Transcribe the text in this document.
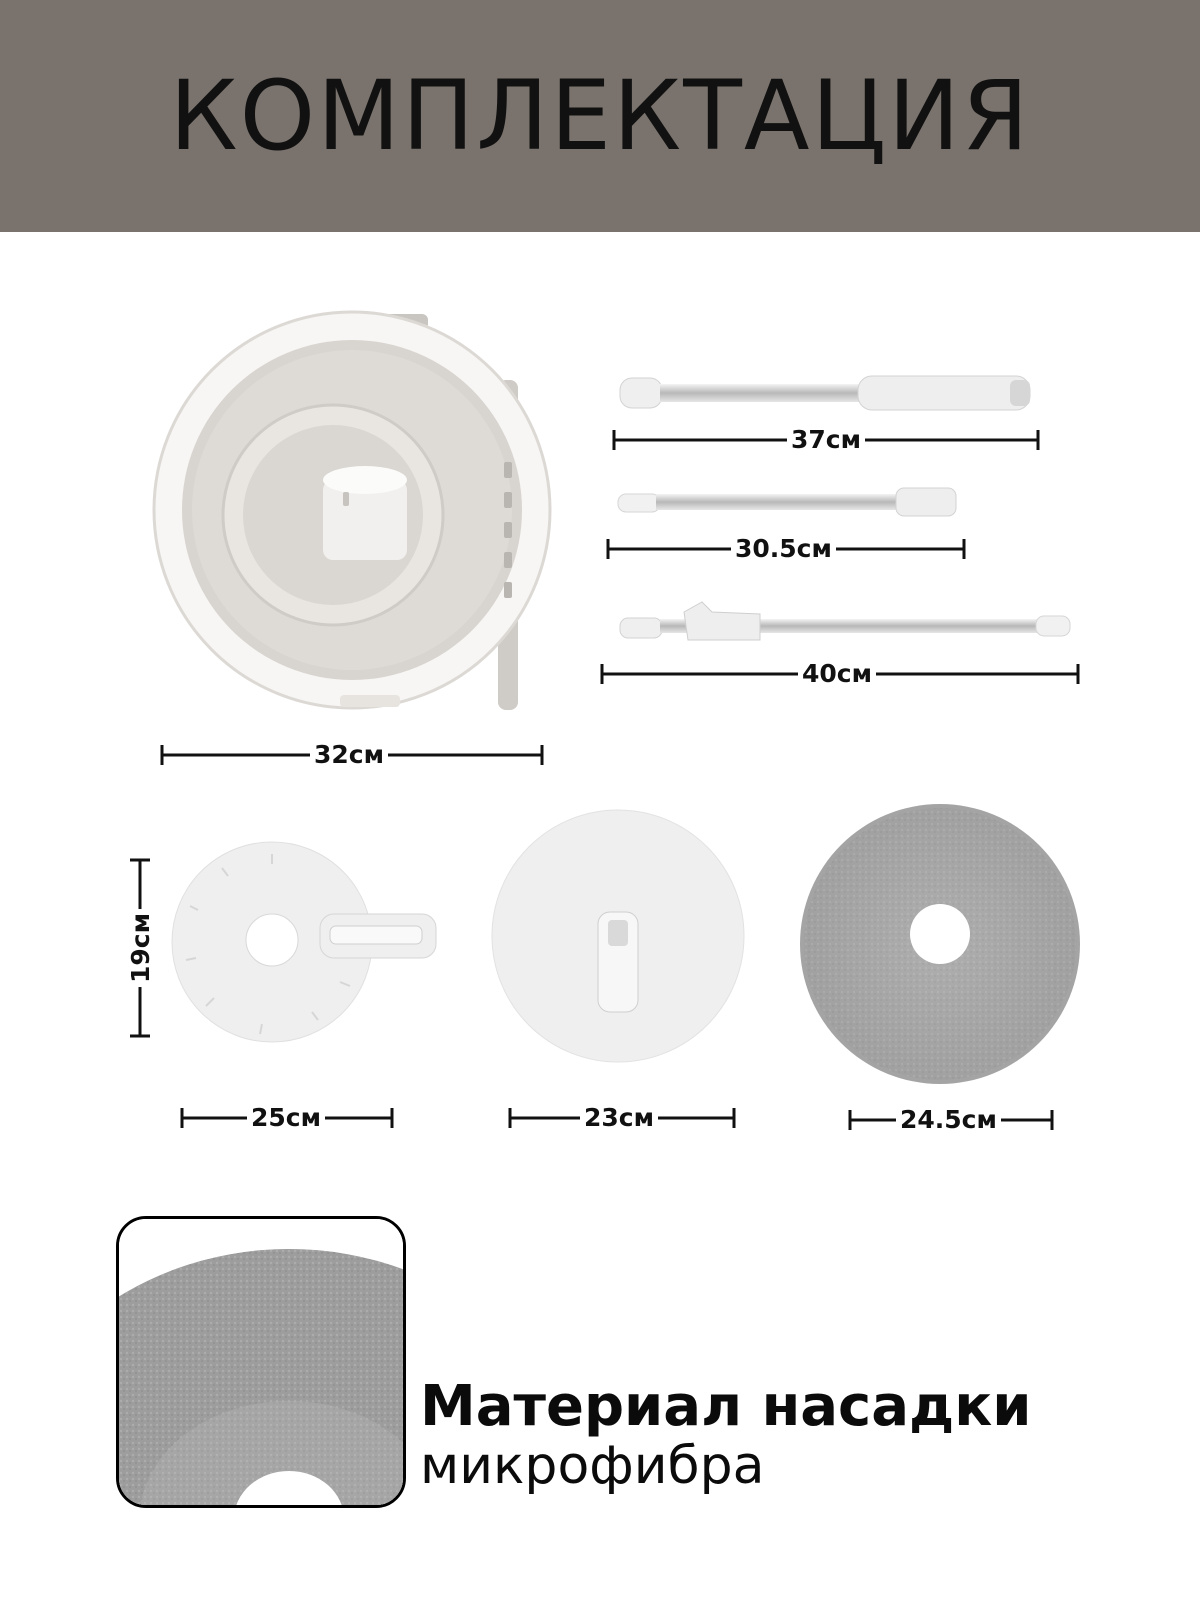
КОМПЛЕКТАЦИЯ
37см
30.5см
40см
32см
19см
25см	23см	24.5см
Материал насадки
микрофибра
